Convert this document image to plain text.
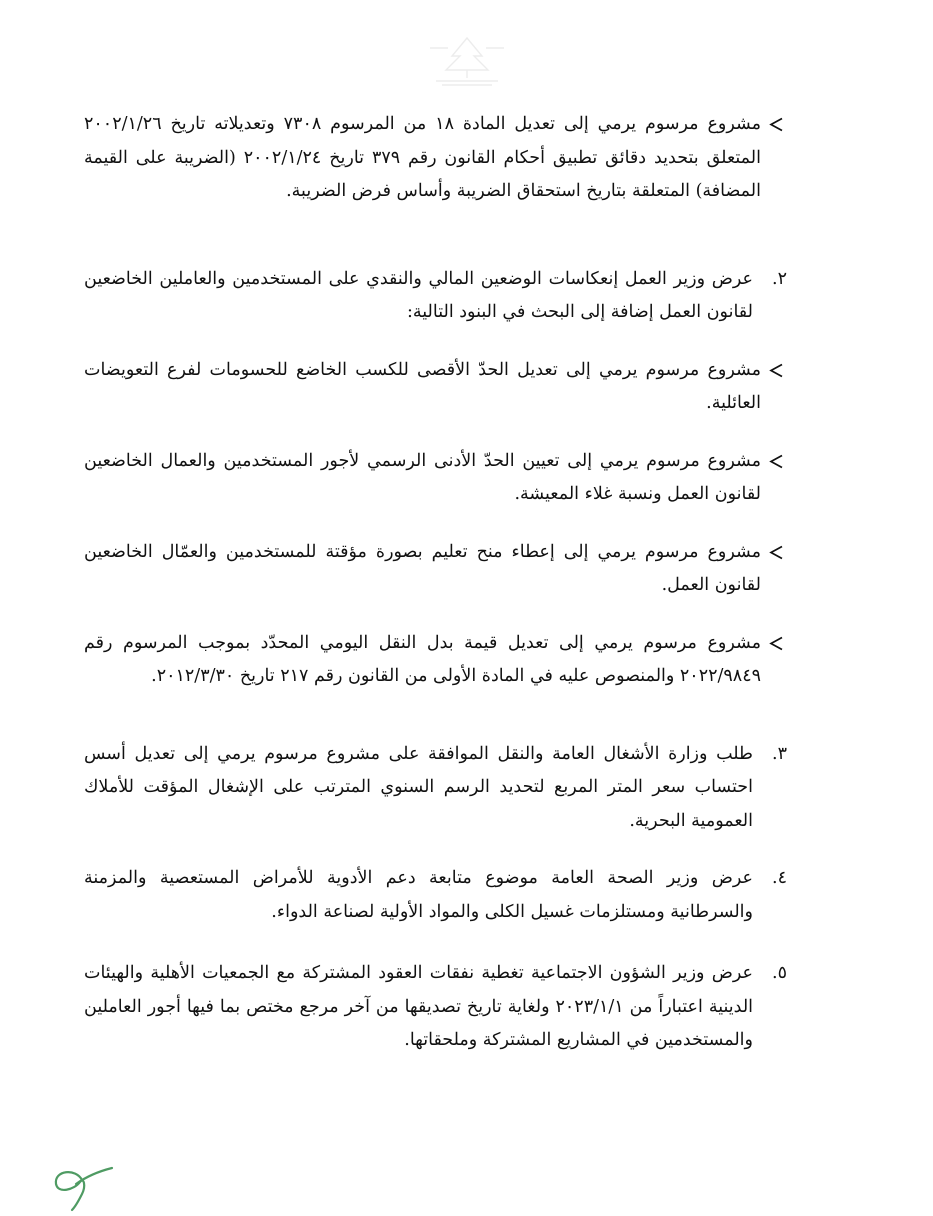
مشروع مرسوم يرمي إلى تعديل المادة ١٨ من المرسوم ٧٣٠٨ وتعديلاته تاريخ ٢٠٠٢/١/٢٦ المتعلق بتحديد دقائق تطبيق أحكام القانون رقم ٣٧٩ تاريخ ٢٠٠٢/١/٢٤ (الضريبة على القيمة المضافة) المتعلقة بتاريخ استحقاق الضريبة وأساس فرض الضريبة.
٢.
عرض وزير العمل إنعكاسات الوضعين المالي والنقدي على المستخدمين والعاملين الخاضعين لقانون العمل إضافة إلى البحث في البنود التالية:
مشروع مرسوم يرمي إلى تعديل الحدّ الأقصى للكسب الخاضع للحسومات لفرع التعويضات العائلية.
مشروع مرسوم يرمي إلى تعيين الحدّ الأدنى الرسمي لأجور المستخدمين والعمال الخاضعين لقانون العمل ونسبة غلاء المعيشة.
مشروع مرسوم يرمي إلى إعطاء منح تعليم بصورة مؤقتة للمستخدمين والعمّال الخاضعين لقانون العمل.
مشروع مرسوم يرمي إلى تعديل قيمة بدل النقل اليومي المحدّد بموجب المرسوم رقم ٢٠٢٢/٩٨٤٩ والمنصوص عليه في المادة الأولى من القانون رقم ٢١٧ تاريخ ٢٠١٢/٣/٣٠.
٣.
طلب وزارة الأشغال العامة والنقل الموافقة على مشروع مرسوم يرمي إلى تعديل أسس احتساب سعر المتر المربع لتحديد الرسم السنوي المترتب على الإشغال المؤقت للأملاك العمومية البحرية.
٤.
عرض وزير الصحة العامة موضوع متابعة دعم الأدوية للأمراض المستعصية والمزمنة والسرطانية ومستلزمات غسيل الكلى والمواد الأولية لصناعة الدواء.
٥.
عرض وزير الشؤون الاجتماعية تغطية نفقات العقود المشتركة مع الجمعيات الأهلية والهيئات الدينية اعتباراً من ٢٠٢٣/١/١ ولغاية تاريخ تصديقها من آخر مرجع مختص بما فيها أجور العاملين والمستخدمين في المشاريع المشتركة وملحقاتها.
